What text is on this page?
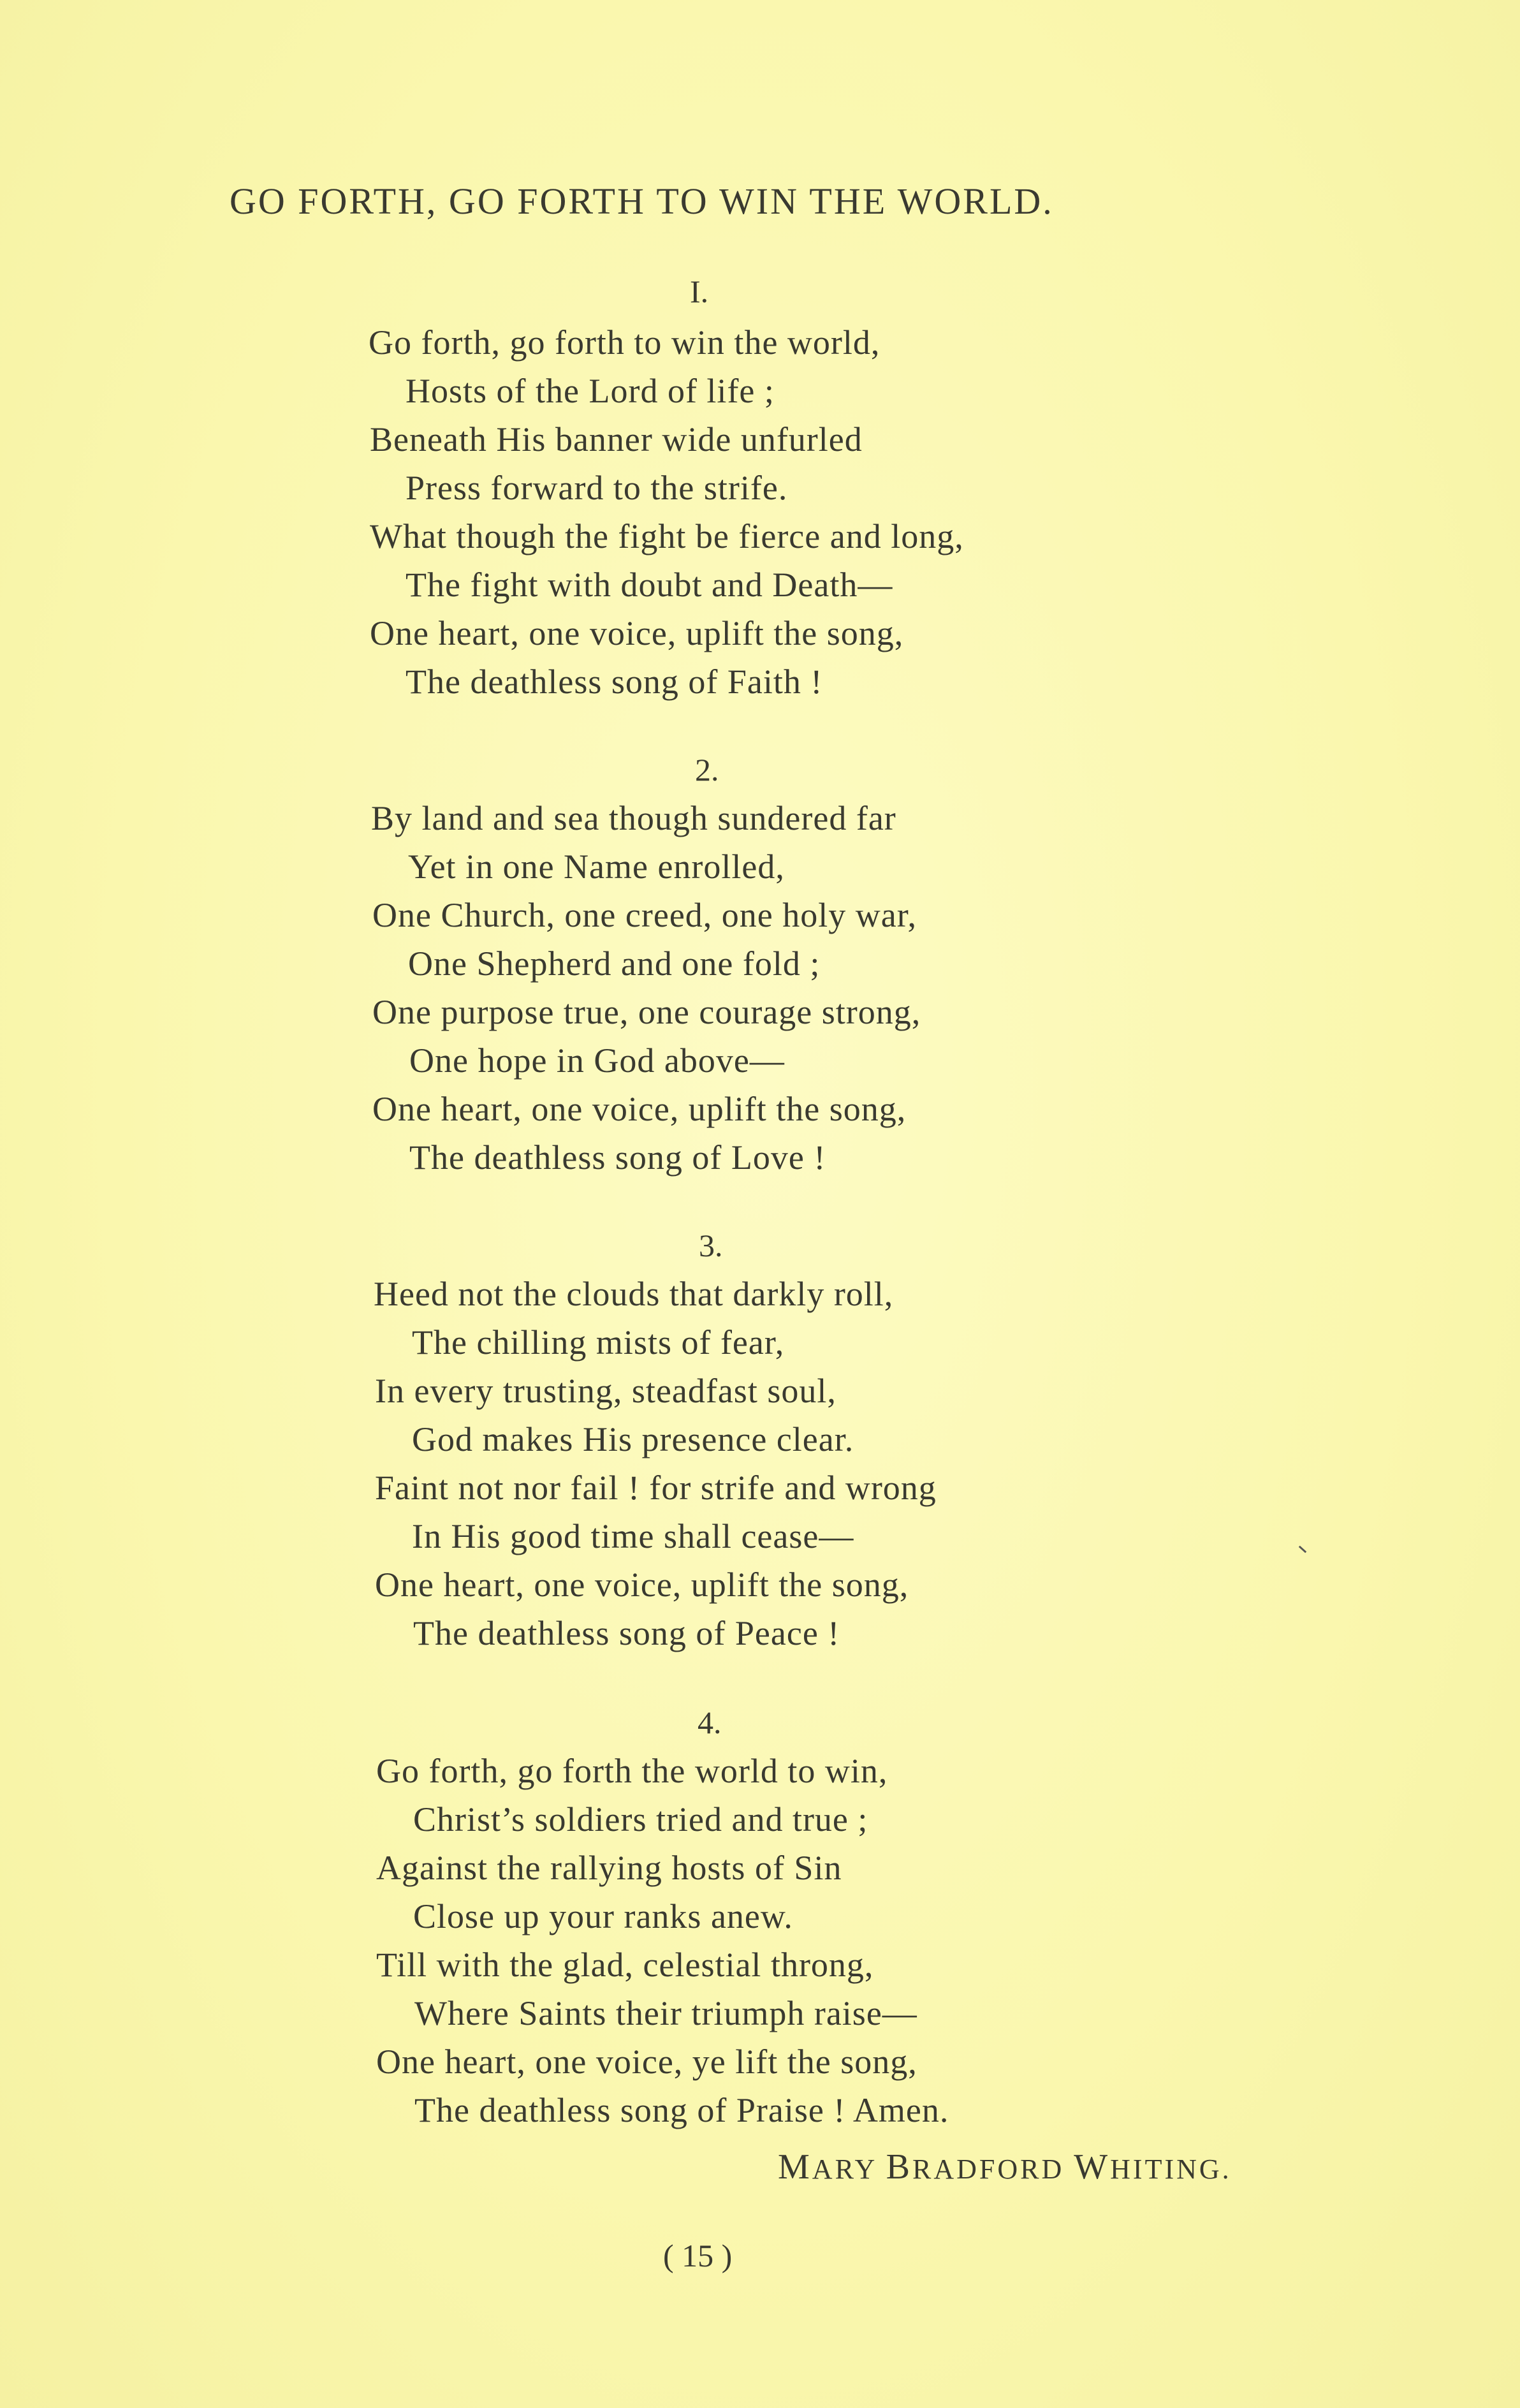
GO FORTH, GO FORTH TO WIN THE WORLD.
I.
Go forth, go forth to win the world,
Hosts of the Lord of life ;
Beneath His banner wide unfurled
Press forward to the strife.
What though the fight be fierce and long,
The fight with doubt and Death—
One heart, one voice, uplift the song,
The deathless song of Faith !
2.
By land and sea though sundered far
Yet in one Name enrolled,
One Church, one creed, one holy war,
One Shepherd and one fold ;
One purpose true, one courage strong,
One hope in God above—
One heart, one voice, uplift the song,
The deathless song of Love !
3.
Heed not the clouds that darkly roll,
The chilling mists of fear,
In every trusting, steadfast soul,
God makes His presence clear.
Faint not nor fail ! for strife and wrong
In His good time shall cease—
One heart, one voice, uplift the song,
The deathless song of Peace !
4.
Go forth, go forth the world to win,
Christ’s soldiers tried and true ;
Against the rallying hosts of Sin
Close up your ranks anew.
Till with the glad, celestial throng,
Where Saints their triumph raise—
One heart, one voice, ye lift the song,
The deathless song of Praise ! Amen.
MARY BRADFORD WHITING.
( 15 )
